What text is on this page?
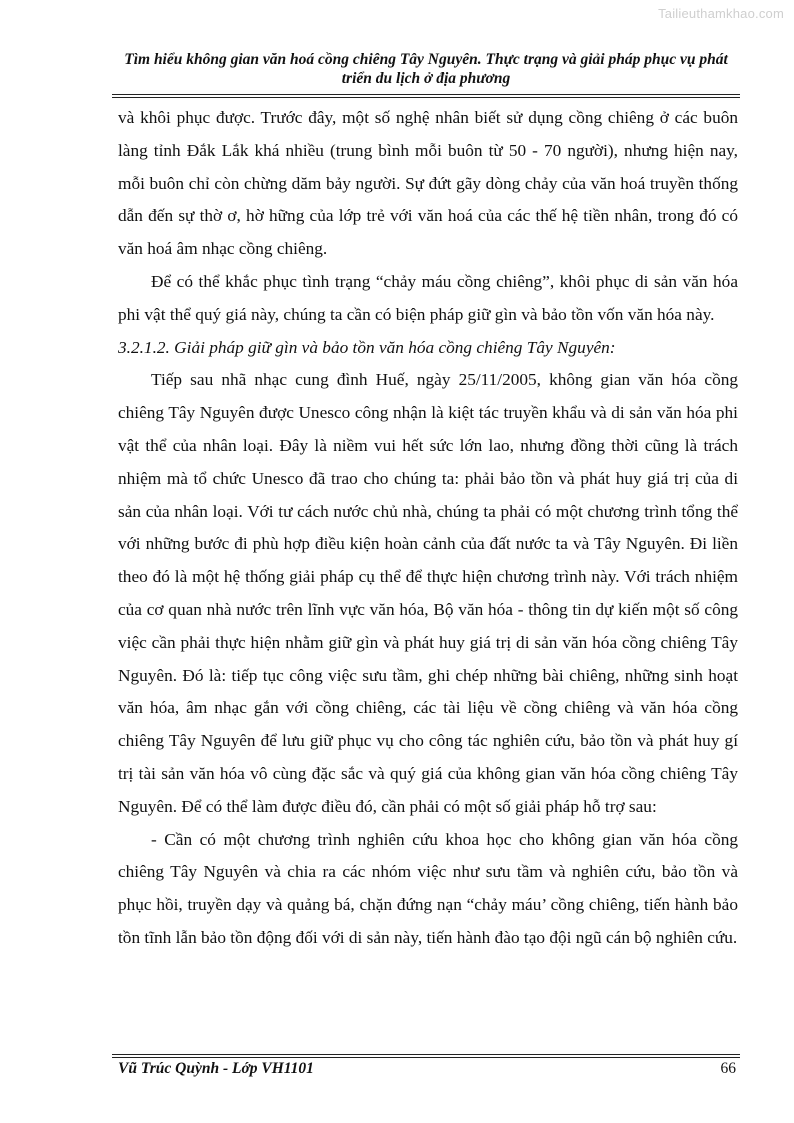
Tailieuthamkhao.com
Tìm hiểu không gian văn hoá cồng chiêng Tây Nguyên. Thực trạng và giải pháp phục vụ phát triển du lịch ở địa phương

và khôi phục được. Trước đây, một số nghệ nhân biết sử dụng cồng chiêng ở các buôn làng tỉnh Đắk Lắk khá nhiều (trung bình mỗi buôn từ 50 - 70 người), nhưng hiện nay, mỗi buôn chỉ còn chừng dăm bảy người. Sự đứt gãy dòng chảy của văn hoá truyền thống dẫn đến sự thờ ơ, hờ hững của lớp trẻ với văn hoá của các thế hệ tiền nhân, trong đó có văn hoá âm nhạc cồng chiêng.

Để có thể khắc phục tình trạng “chảy máu cồng chiêng”, khôi phục di sản văn hóa phi vật thể quý giá này, chúng ta cần có biện pháp giữ gìn và bảo tồn vốn văn hóa này.

3.2.1.2. Giải pháp giữ gìn và bảo tồn văn hóa cồng chiêng Tây Nguyên:

Tiếp sau nhã nhạc cung đình Huế, ngày 25/11/2005, không gian văn hóa cồng chiêng Tây Nguyên được Unesco công nhận là kiệt tác truyền khẩu và di sản văn hóa phi vật thể của nhân loại. Đây là niềm vui hết sức lớn lao, nhưng đồng thời cũng là trách nhiệm mà tổ chức Unesco đã trao cho chúng ta: phải bảo tồn và phát huy giá trị của di sản của nhân loại. Với tư cách nước chủ nhà, chúng ta phải có một chương trình tổng thể với những bước đi phù hợp điều kiện hoàn cảnh của đất nước ta và Tây Nguyên. Đi liền theo đó là một hệ thống giải pháp cụ thể để thực hiện chương trình này. Với trách nhiệm của cơ quan nhà nước trên lĩnh vực văn hóa, Bộ văn hóa - thông tin dự kiến một số công việc cần phải thực hiện nhằm giữ gìn và phát huy giá trị di sản văn hóa cồng chiêng Tây Nguyên. Đó là: tiếp tục công việc sưu tầm, ghi chép những bài chiêng, những sinh hoạt văn hóa, âm nhạc gắn với cồng chiêng, các tài liệu về cồng chiêng và văn hóa cồng chiêng Tây Nguyên để lưu giữ phục vụ cho công tác nghiên cứu, bảo tồn và phát huy gí trị tài sản văn hóa vô cùng đặc sắc và quý giá của không gian văn hóa cồng chiêng Tây Nguyên. Để có thể làm được điều đó, cần phải có một số giải pháp hỗ trợ sau:

- Cần có một chương trình nghiên cứu khoa học cho không gian văn hóa cồng chiêng Tây Nguyên và chia ra các nhóm việc như sưu tầm và nghiên cứu, bảo tồn và phục hồi, truyền dạy và quảng bá, chặn đứng nạn “chảy máu’ cồng chiêng, tiến hành bảo tồn tĩnh lẫn bảo tồn động đối với di sản này, tiến hành đào tạo đội ngũ cán bộ nghiên cứu.

Vũ Trúc Quỳnh - Lớp VH1101	66
